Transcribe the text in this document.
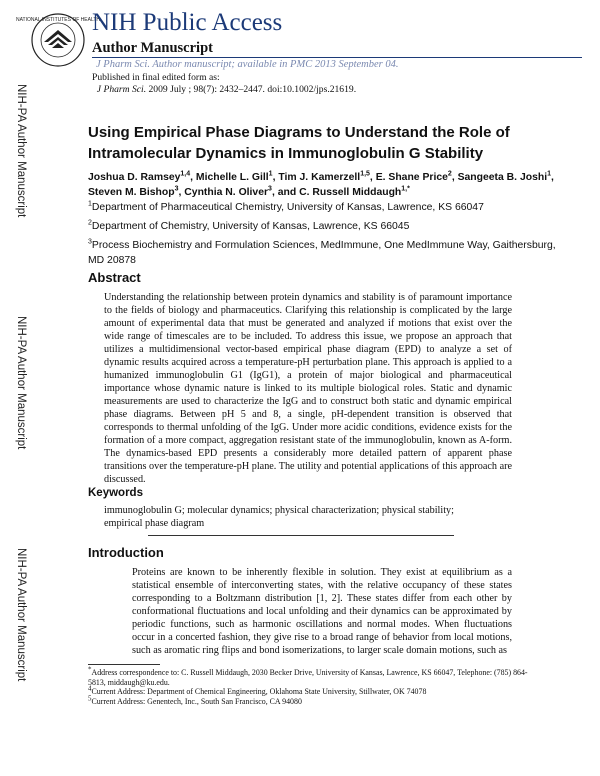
NATIONAL INSTITUTES OF HEALTH
NIH Public Access
Author Manuscript
J Pharm Sci. Author manuscript; available in PMC 2013 September 04.
NIH-PA Author Manuscript
NIH-PA Author Manuscript
NIH-PA Author Manuscript
Published in final edited form as:
J Pharm Sci. 2009 July ; 98(7): 2432–2447. doi:10.1002/jps.21619.
Using Empirical Phase Diagrams to Understand the Role of Intramolecular Dynamics in Immunoglobulin G Stability
Joshua D. Ramsey$^{1,4}$, Michelle L. Gill$^1$, Tim J. Kamerzell$^{1,5}$, E. Shane Price$^2$, Sangeeta B. Joshi$^1$, Steven M. Bishop$^3$, Cynthia N. Oliver$^3$, and C. Russell Middaugh$^{1,*}$
$^1$Department of Pharmaceutical Chemistry, University of Kansas, Lawrence, KS 66047
$^2$Department of Chemistry, University of Kansas, Lawrence, KS 66045
$^3$Process Biochemistry and Formulation Sciences, MedImmune, One MedImmune Way, Gaithersburg, MD 20878
Abstract
Understanding the relationship between protein dynamics and stability is of paramount importance to the fields of biology and pharmaceutics. Clarifying this relationship is complicated by the large amount of experimental data that must be generated and analyzed if motions that exist over the wide range of timescales are to be included. To address this issue, we propose an approach that utilizes a multidimensional vector-based empirical phase diagram (EPD) to analyze a set of dynamic results acquired across a temperature-pH perturbation plane. This approach is applied to a humanized immunoglobulin G1 (IgG1), a protein of major biological and pharmaceutical importance whose dynamic nature is linked to its multiple biological roles. Static and dynamic measurements are used to characterize the IgG and to construct both static and dynamic empirical phase diagrams. Between pH 5 and 8, a single, pH-dependent transition is observed that corresponds to thermal unfolding of the IgG. Under more acidic conditions, evidence exists for the formation of a more compact, aggregation resistant state of the immunoglobulin, known as A-form. The dynamics-based EPD presents a considerably more detailed pattern of apparent phase transitions over the temperature-pH plane. The utility and potential applications of this approach are discussed.
Keywords
immunoglobulin G; molecular dynamics; physical characterization; physical stability; empirical phase diagram
Introduction
Proteins are known to be inherently flexible in solution. They exist at equilibrium as a statistical ensemble of interconverting states, with the relative occupancy of these states corresponding to a Boltzmann distribution [1, 2]. These states differ from each other by conformational fluctuations and local unfolding and their dynamics can be approximated by periodic functions, such as harmonic oscillations and normal modes. When fluctuations occur in a concerted fashion, they give rise to a broad range of behavior from local motions, such as aromatic ring flips and bond isomerizations, to larger scale domain motions, such as
*Address correspondence to: C. Russell Middaugh, 2030 Becker Drive, University of Kansas, Lawrence, KS 66047, Telephone: (785) 864-5813, middaugh@ku.edu.
$^4$Current Address: Department of Chemical Engineering, Oklahoma State University, Stillwater, OK 74078
$^5$Current Address: Genentech, Inc., South San Francisco, CA 94080
